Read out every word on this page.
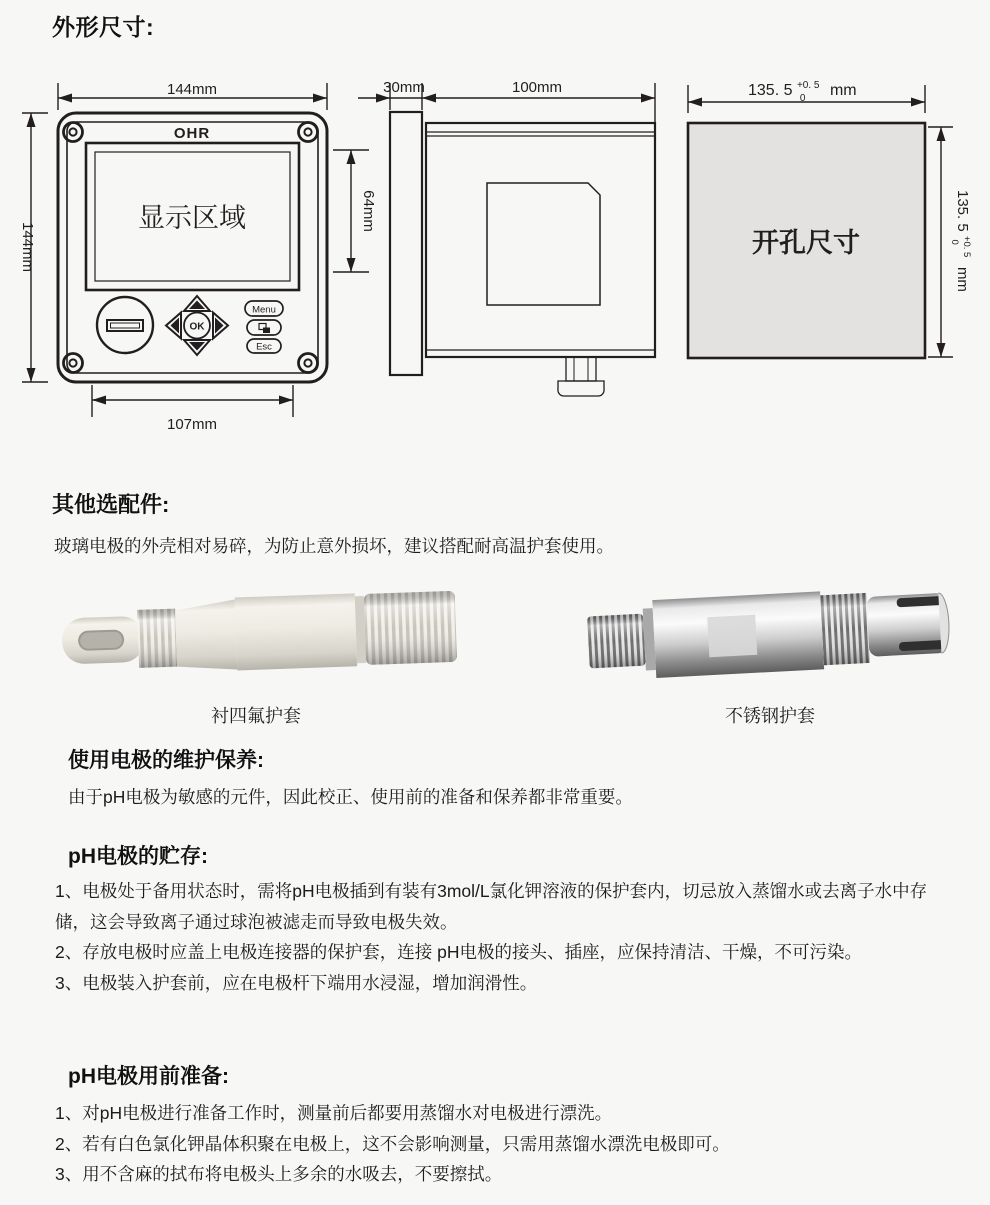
外形尺寸:
OHR
显示区域
OK
Menu
Esc
144mm
144mm
64mm
107mm
30mm	100mm
开孔尺寸
135. 5 $^{+0. 5}$ 0 mm
135. 5 $^{+0. 5}$ 0 mm
其他选配件:
玻璃电极的外壳相对易碎，为防止意外损坏，建议搭配耐高温护套使用。
衬四氟护套	不锈钢护套
使用电极的维护保养:
由于pH电极为敏感的元件，因此校正、使用前的准备和保养都非常重要。
pH电极的贮存:

1、电极处于备用状态时，需将pH电极插到有装有3mol/L氯化钾溶液的保护套内，切忌放入蒸馏水或去离子水中存储，这会导致离子通过球泡被滤走而导致电极失效。

2、存放电极时应盖上电极连接器的保护套，连接 pH电极的接头、插座，应保持清洁、干燥，不可污染。

3、电极装入护套前，应在电极杆下端用水浸湿，增加润滑性。

pH电极用前准备:

1、对pH电极进行准备工作时，测量前后都要用蒸馏水对电极进行漂洗。

2、若有白色氯化钾晶体积聚在电极上，这不会影响测量，只需用蒸馏水漂洗电极即可。

3、用不含麻的拭布将电极头上多余的水吸去，不要擦拭。
